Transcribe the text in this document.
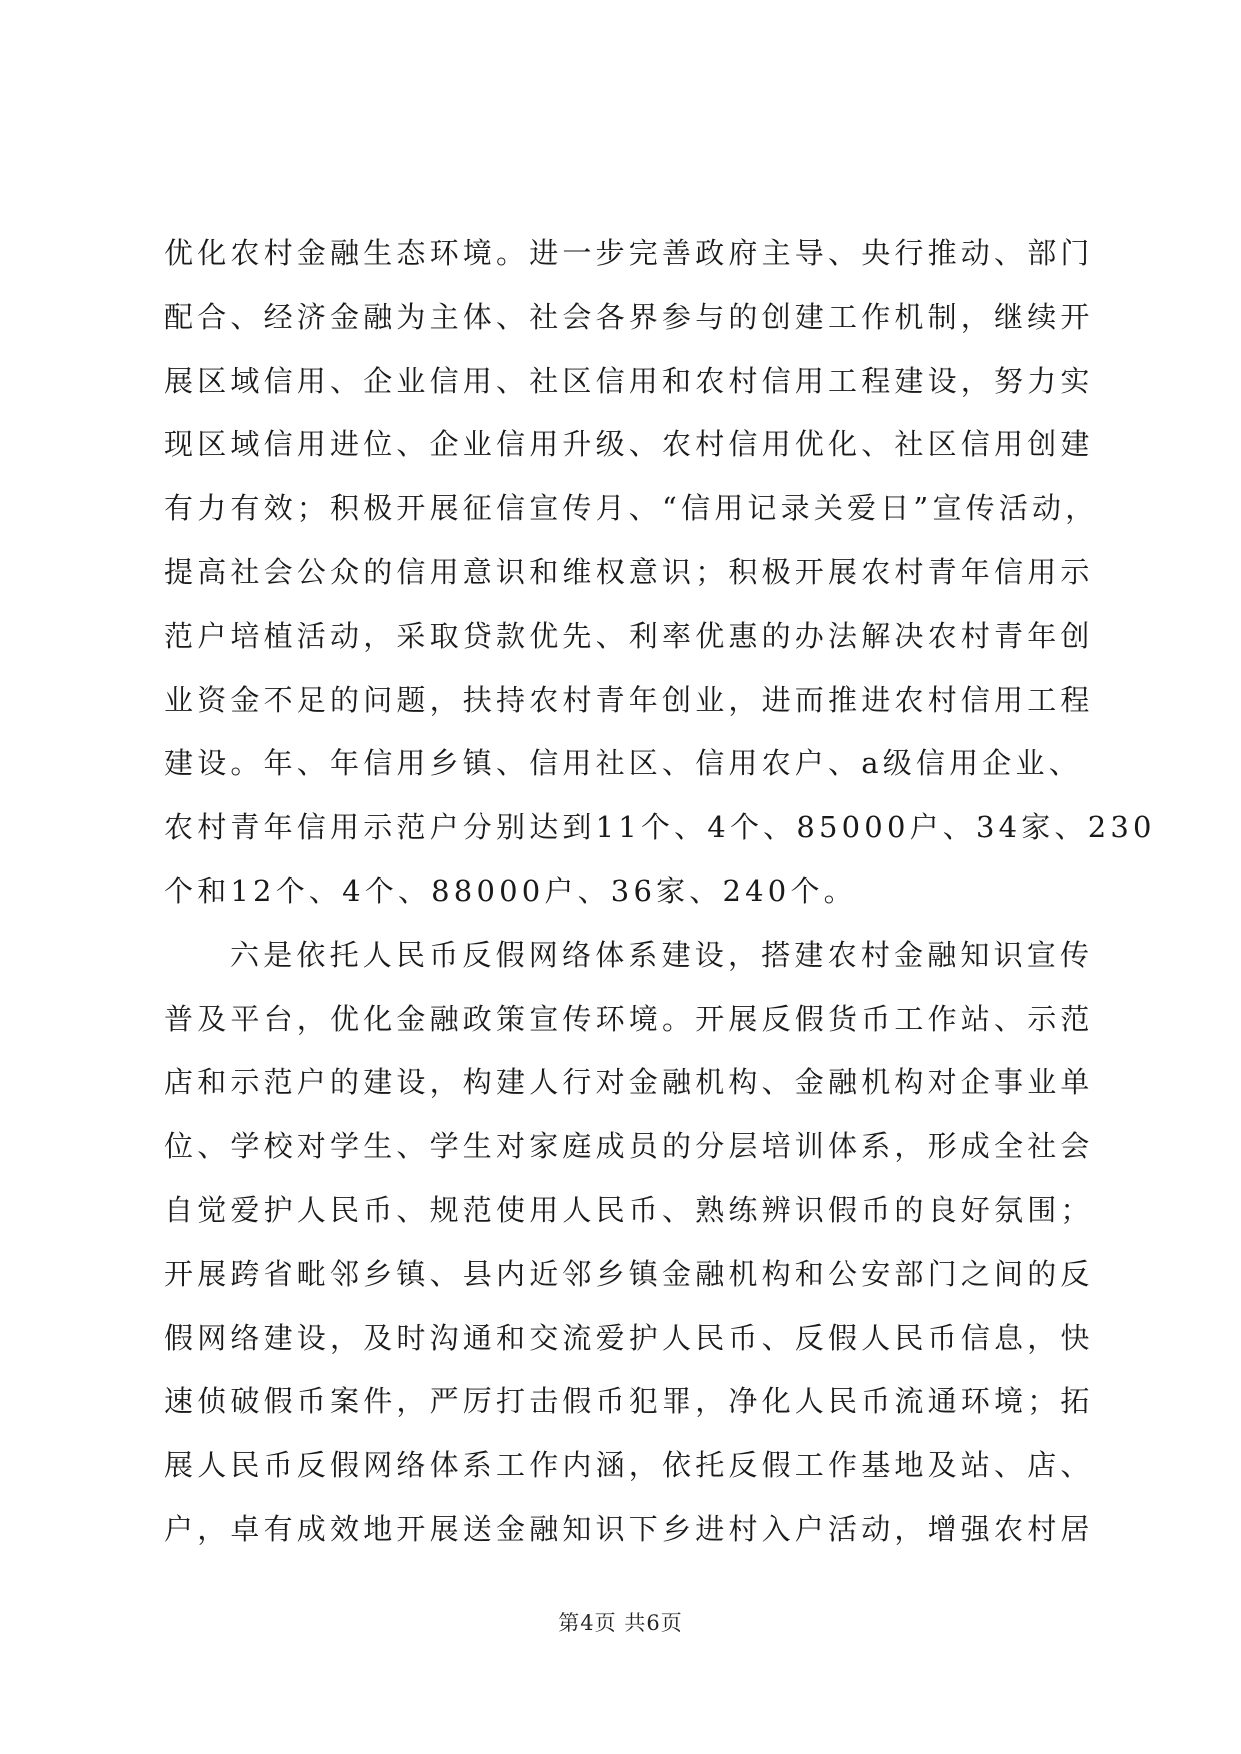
优化农村金融生态环境。进一步完善政府主导、央行推动、部门
配合、经济金融为主体、社会各界参与的创建工作机制，继续开
展区域信用、企业信用、社区信用和农村信用工程建设，努力实
现区域信用进位、企业信用升级、农村信用优化、社区信用创建
有力有效；积极开展征信宣传月、“信用记录关爱日”宣传活动，
提高社会公众的信用意识和维权意识；积极开展农村青年信用示
范户培植活动，采取贷款优先、利率优惠的办法解决农村青年创
业资金不足的问题，扶持农村青年创业，进而推进农村信用工程
建设。年、年信用乡镇、信用社区、信用农户、a级信用企业、
农村青年信用示范户分别达到11个、4个、85000户、34家、230
个和12个、4个、88000户、36家、240个。
六是依托人民币反假网络体系建设，搭建农村金融知识宣传
普及平台，优化金融政策宣传环境。开展反假货币工作站、示范
店和示范户的建设，构建人行对金融机构、金融机构对企事业单
位、学校对学生、学生对家庭成员的分层培训体系，形成全社会
自觉爱护人民币、规范使用人民币、熟练辨识假币的良好氛围；
开展跨省毗邻乡镇、县内近邻乡镇金融机构和公安部门之间的反
假网络建设，及时沟通和交流爱护人民币、反假人民币信息，快
速侦破假币案件，严厉打击假币犯罪，净化人民币流通环境；拓
展人民币反假网络体系工作内涵，依托反假工作基地及站、店、
户，卓有成效地开展送金融知识下乡进村入户活动，增强农村居
第4页 共6页
